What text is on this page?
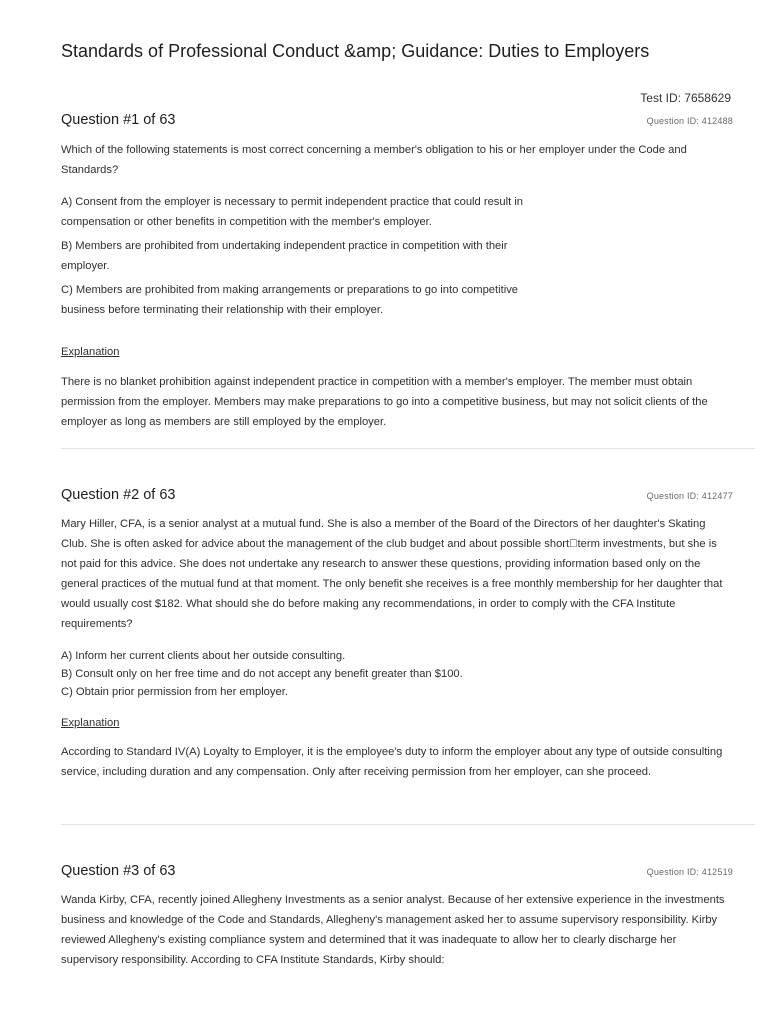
Standards of Professional Conduct &amp; Guidance: Duties to Employers
Test ID: 7658629
Question #1 of 63	Question ID: 412488

Which of the following statements is most correct concerning a member's obligation to his or her employer under the Code and Standards?

A) Consent from the employer is necessary to permit independent practice that could result in compensation or other benefits in competition with the member's employer.
B) Members are prohibited from undertaking independent practice in competition with their employer.
C) Members are prohibited from making arrangements or preparations to go into competitive business before terminating their relationship with their employer.
Explanation

There is no blanket prohibition against independent practice in competition with a member's employer. The member must obtain permission from the employer. Members may make preparations to go into a competitive business, but may not solicit clients of the employer as long as members are still employed by the employer.

Question #2 of 63	Question ID: 412477

Mary Hiller, CFA, is a senior analyst at a mutual fund. She is also a member of the Board of the Directors of her daughter's Skating Club. She is often asked for advice about the management of the club budget and about possible short term investments, but she is not paid for this advice. She does not undertake any research to answer these questions, providing information based only on the general practices of the mutual fund at that moment. The only benefit she receives is a free monthly membership for her daughter that would usually cost $182. What should she do before making any recommendations, in order to comply with the CFA Institute requirements?

A) Inform her current clients about her outside consulting.
B) Consult only on her free time and do not accept any benefit greater than $100.
C) Obtain prior permission from her employer.
Explanation

According to Standard IV(A) Loyalty to Employer, it is the employee's duty to inform the employer about any type of outside consulting service, including duration and any compensation. Only after receiving permission from her employer, can she proceed.

Question #3 of 63	Question ID: 412519

Wanda Kirby, CFA, recently joined Allegheny Investments as a senior analyst. Because of her extensive experience in the investments business and knowledge of the Code and Standards, Allegheny's management asked her to assume supervisory responsibility. Kirby reviewed Allegheny's existing compliance system and determined that it was inadequate to allow her to clearly discharge her supervisory responsibility. According to CFA Institute Standards, Kirby should:
